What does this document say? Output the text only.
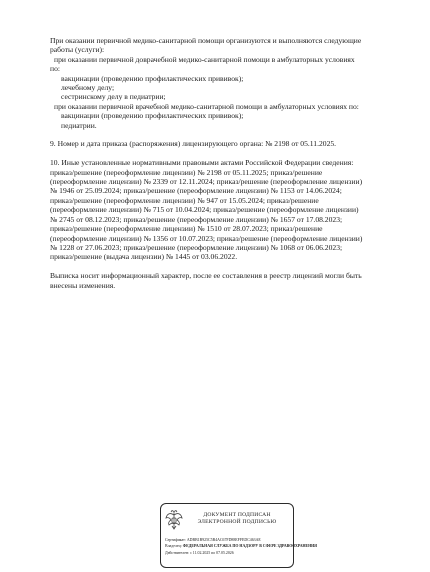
При оказании первичной медико-санитарной помощи организуются и выполняются следующие
работы (услуги):
при оказании первичной доврачебной медико-санитарной помощи в амбулаторных условиях
по:
вакцинации (проведению профилактических прививок);
лечебному делу;
сестринскому делу в педиатрии;
при оказании первичной врачебной медико-санитарной помощи в амбулаторных условиях по:
вакцинации (проведению профилактических прививок);
педиатрии.
9. Номер и дата приказа (распоряжения) лицензирующего органа: № 2198 от 05.11.2025.
10. Иные установленные нормативными правовыми актами Российской Федерации сведения:
приказ/решение (переоформление лицензии) № 2198 от 05.11.2025; приказ/решение
(переоформление лицензии) № 2339 от 12.11.2024; приказ/решение (переоформление лицензии)
№ 1946 от 25.09.2024; приказ/решение (переоформление лицензии) № 1153 от 14.06.2024;
приказ/решение (переоформление лицензии) № 947 от 15.05.2024; приказ/решение
(переоформление лицензии) № 715 от 10.04.2024; приказ/решение (переоформление лицензии)
№ 2745 от 08.12.2023; приказ/решение (переоформление лицензии) № 1657 от 17.08.2023;
приказ/решение (переоформление лицензии) № 1510 от 28.07.2023; приказ/решение
(переоформление лицензии) № 1356 от 10.07.2023; приказ/решение (переоформление лицензии)
№ 1228 от 27.06.2023; приказ/решение (переоформление лицензии) № 1068 от 06.06.2023;
приказ/решение (выдача лицензии) № 1445 от 03.06.2022.
Выписка носит информационный характер, после ее составления в реестр лицензий могли быть
внесены изменения.
ДОКУМЕНТ ПОДПИСАН
ЭЛЕКТРОННОЙ ПОДПИСЬЮ
Сертификат: ADBB1B925C5B4AC67FD88EFFEDC463AE
Владелец: ФЕДЕРАЛЬНАЯ СЛУЖБА ПО НАДЗОРУ В СФЕРЕ ЗДРАВООХРАНЕНИЯ
Действителен: с 11.02.2025 по 07.05.2026
